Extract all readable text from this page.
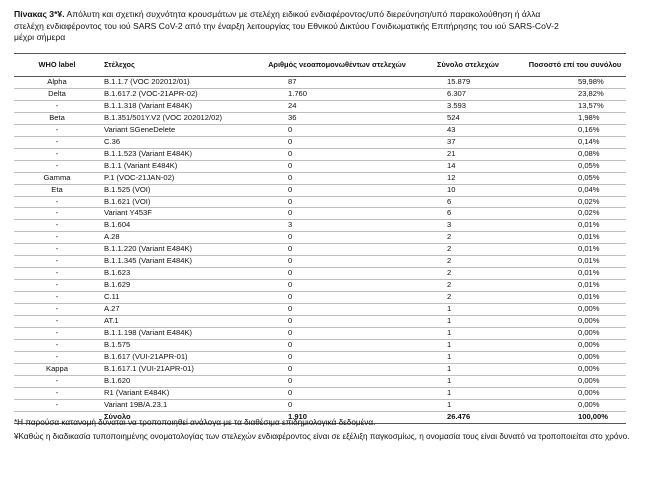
Πίνακας 3*¥. Απόλυτη και σχετική συχνότητα κρουσμάτων με στελέχη ειδικού ενδιαφέροντος/υπό διερεύνηση/υπό παρακολούθηση ή άλλα
στελέχη ενδιαφέροντος του ιού SARS CoV-2 από την έναρξη λειτουργίας του Εθνικού Δικτύου Γονιδιωματικής Επιτήρησης του ιού SARS-CoV-2
μέχρι σήμερα
WHO label	Στέλεχος	Αριθμός νεοαπομονωθέντων στελεχών	Σύνολο στελεχών	Ποσοστό επί του συνόλου
Alpha	B.1.1.7 (VOC 202012/01)	87	15.879	59,98%
Delta	B.1.617.2 (VOC-21APR-02)	1.760	6.307	23,82%
-	B.1.1.318 (Variant E484K)	24	3.593	13,57%
Beta	B.1.351/501Y.V2 (VOC 202012/02)	36	524	1,98%
-	Variant SGeneDelete	0	43	0,16%
-	C.36	0	37	0,14%
-	B.1.1.523 (Variant E484K)	0	21	0,08%
-	B.1.1 (Variant E484K)	0	14	0,05%
Gamma	P.1 (VOC-21JAN-02)	0	12	0,05%
Eta	B.1.525 (VOI)	0	10	0,04%
-	B.1.621 (VOI)	0	6	0,02%
-	Variant Y453F	0	6	0,02%
-	B.1.604	3	3	0,01%
-	A.28	0	2	0,01%
-	B.1.1.220 (Variant E484K)	0	2	0,01%
-	B.1.1.345 (Variant E484K)	0	2	0,01%
-	B.1.623	0	2	0,01%
-	B.1.629	0	2	0,01%
-	C.11	0	2	0,01%
-	A.27	0	1	0,00%
-	AT.1	0	1	0,00%
-	B.1.1.198 (Variant E484K)	0	1	0,00%
-	B.1.575	0	1	0,00%
-	B.1.617 (VUI-21APR-01)	0	1	0,00%
Kappa	B.1.617.1 (VUI-21APR-01)	0	1	0,00%
-	B.1.620	0	1	0,00%
-	R1 (Variant E484K)	0	1	0,00%
-	Variant 19B/A.23.1	0	1	0,00%
	Σύνολο	1.910	26.476	100,00%

*Η παρούσα κατανομή δύναται να τροποποιηθεί ανάλογα με τα διαθέσιμα επιδημιολογικά δεδομένα.

¥Καθώς η διαδικασία τυποποιημένης ονοματολογίας των στελεχών ενδιαφέροντος είναι σε εξέλιξη παγκοσμίως, η ονομασία τους είναι δυνατό να τροποποιείται στο χρόνο.
